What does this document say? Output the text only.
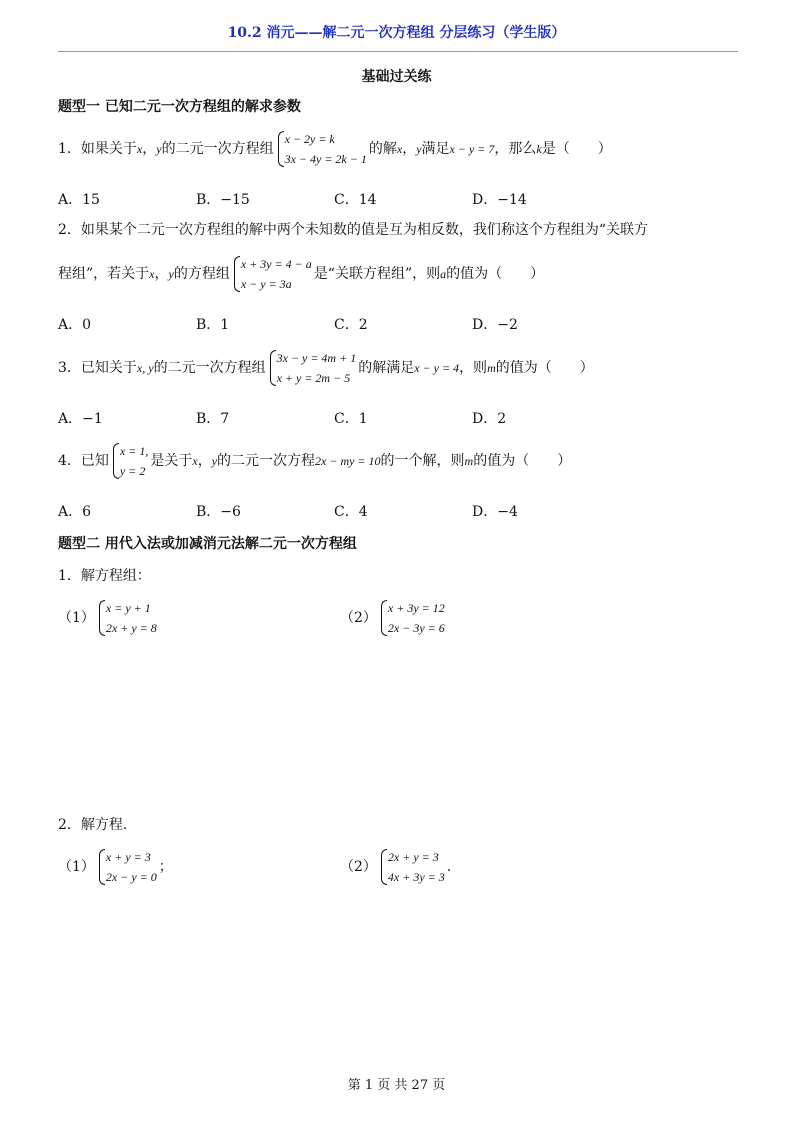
10.2 消元——解二元一次方程组 分层练习（学生版）
基础过关练
题型一 已知二元一次方程组的解求参数
1．如果关于x，y的二元一次方程组
x − 2y = k
3x − 4y = 2k − 1
的解x，y满足x − y = 7，那么k是（　　）
A．15	B．−15	C．14	D．−14
2．如果某个二元一次方程组的解中两个未知数的值是互为相反数，我们称这个方程组为“关联方
程组”，若关于x，y的方程组
x + 3y = 4 − a
x − y = 3a
是“关联方程组”，则a的值为（　　）
A．0	B．1	C．2	D．−2
3．已知关于x, y的二元一次方程组
3x − y = 4m + 1
x + y = 2m − 5
的解满足x − y = 4，则m的值为（　　）
A．−1	B．7	C．1	D．2
4．已知
x = 1,
y = 2
是关于x，y的二元一次方程2x − my = 10的一个解，则m的值为（　　）
A．6	B．−6	C．4	D．−4
题型二 用代入法或加减消元法解二元一次方程组
1．解方程组：
（1）
x = y + 1
2x + y = 8
（2）
x + 3y = 12
2x − 3y = 6
2．解方程.
（1）
x + y = 3
2x − y = 0
；	（2）
2x + y = 3
4x + 3y = 3
.
第 1 页 共 27 页
